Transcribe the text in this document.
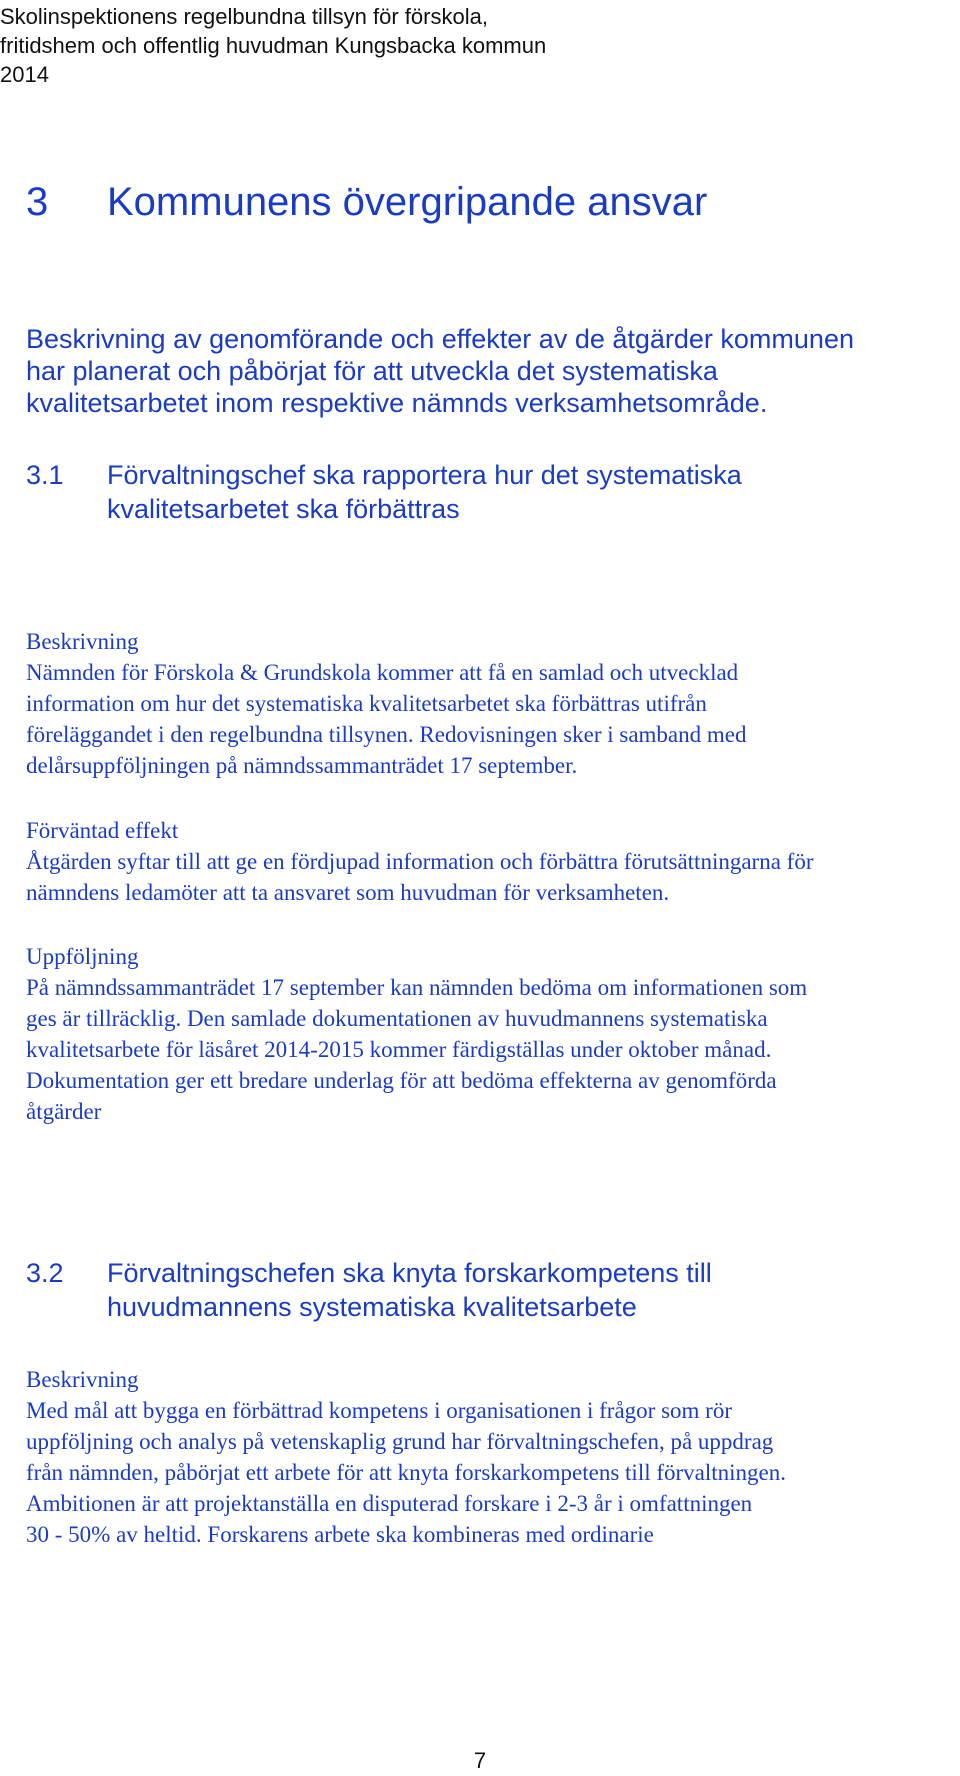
Skolinspektionens regelbundna tillsyn för förskola,
fritidshem och offentlig huvudman Kungsbacka kommun
2014
3 Kommunens övergripande ansvar
Beskrivning av genomförande och effekter av de åtgärder kommunen
har planerat och påbörjat för att utveckla det systematiska
kvalitetsarbetet inom respektive nämnds verksamhetsområde.
3.1 Förvaltningschef ska rapportera hur det systematiska
kvalitetsarbetet ska förbättras
Beskrivning
Nämnden för Förskola & Grundskola kommer att få en samlad och utvecklad
information om hur det systematiska kvalitetsarbetet ska förbättras utifrån
föreläggandet i den regelbundna tillsynen. Redovisningen sker i samband med
delårsuppföljningen på nämndssammanträdet 17 september.
Förväntad effekt
Åtgärden syftar till att ge en fördjupad information och förbättra förutsättningarna för
nämndens ledamöter att ta ansvaret som huvudman för verksamheten.
Uppföljning
På nämndssammanträdet 17 september kan nämnden bedöma om informationen som
ges är tillräcklig. Den samlade dokumentationen av huvudmannens systematiska
kvalitetsarbete för läsåret 2014-2015 kommer färdigställas under oktober månad.
Dokumentation ger ett bredare underlag för att bedöma effekterna av genomförda
åtgärder
3.2 Förvaltningschefen ska knyta forskarkompetens till
huvudmannens systematiska kvalitetsarbete
Beskrivning
Med mål att bygga en förbättrad kompetens i organisationen i frågor som rör
uppföljning och analys på vetenskaplig grund har förvaltningschefen, på uppdrag
från nämnden, påbörjat ett arbete för att knyta forskarkompetens till förvaltningen.
Ambitionen är att projektanställa en disputerad forskare i 2-3 år i omfattningen
30 - 50% av heltid. Forskarens arbete ska kombineras med ordinarie
7
